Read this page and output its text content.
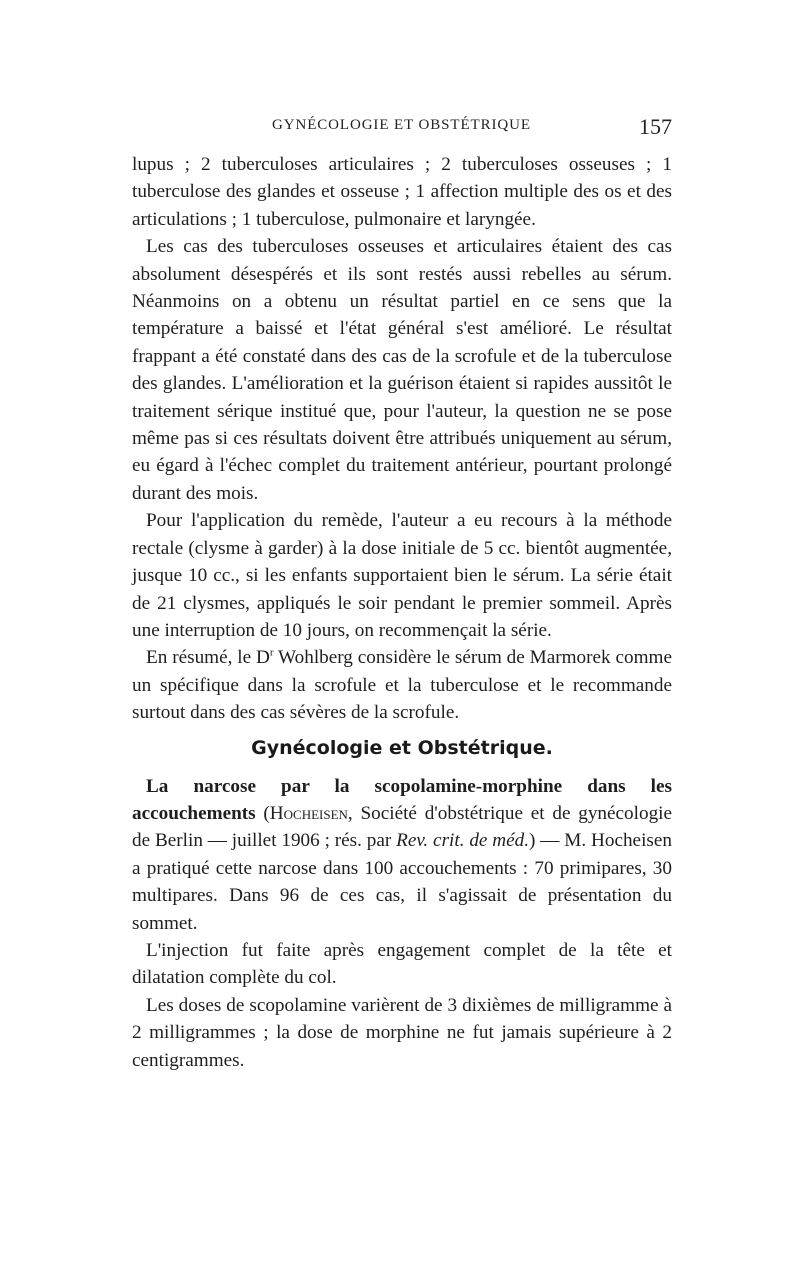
GYNÉCOLOGIE ET OBSTÉTRIQUE	157

lupus ; 2 tuberculoses articulaires ; 2 tuberculoses osseuses ; 1 tuberculose des glandes et osseuse ; 1 affection multiple des os et des articulations ; 1 tuberculose, pulmonaire et laryngée.

Les cas des tuberculoses osseuses et articulaires étaient des cas absolument désespérés et ils sont restés aussi rebelles au sérum. Néanmoins on a obtenu un résultat partiel en ce sens que la température a baissé et l'état général s'est amélioré. Le résultat frappant a été constaté dans des cas de la scrofule et de la tuberculose des glandes. L'amélioration et la guérison étaient si rapides aussitôt le traitement sérique institué que, pour l'auteur, la question ne se pose même pas si ces résultats doivent être attribués uniquement au sérum, eu égard à l'échec complet du traitement antérieur, pourtant prolongé durant des mois.

Pour l'application du remède, l'auteur a eu recours à la méthode rectale (clysme à garder) à la dose initiale de 5 cc. bientôt augmentée, jusque 10 cc., si les enfants supportaient bien le sérum. La série était de 21 clysmes, appliqués le soir pendant le premier sommeil. Après une interruption de 10 jours, on recommençait la série.

En résumé, le $D^r$ Wohlberg considère le sérum de Marmorek comme un spécifique dans la scrofule et la tuberculose et le recommande surtout dans des cas sévères de la scrofule.

Gynécologie et Obstétrique.

La narcose par la scopolamine-morphine dans les accouchements (Hocheisen, Société d'obstétrique et de gynécologie de Berlin — juillet 1906 ; rés. par Rev. crit. de méd.) — M. Hocheisen a pratiqué cette narcose dans 100 accouchements : 70 primipares, 30 multipares. Dans 96 de ces cas, il s'agissait de présentation du sommet.

L'injection fut faite après engagement complet de la tête et dilatation complète du col.

Les doses de scopolamine varièrent de 3 dixièmes de milligramme à 2 milligrammes ; la dose de morphine ne fut jamais supérieure à 2 centigrammes.
